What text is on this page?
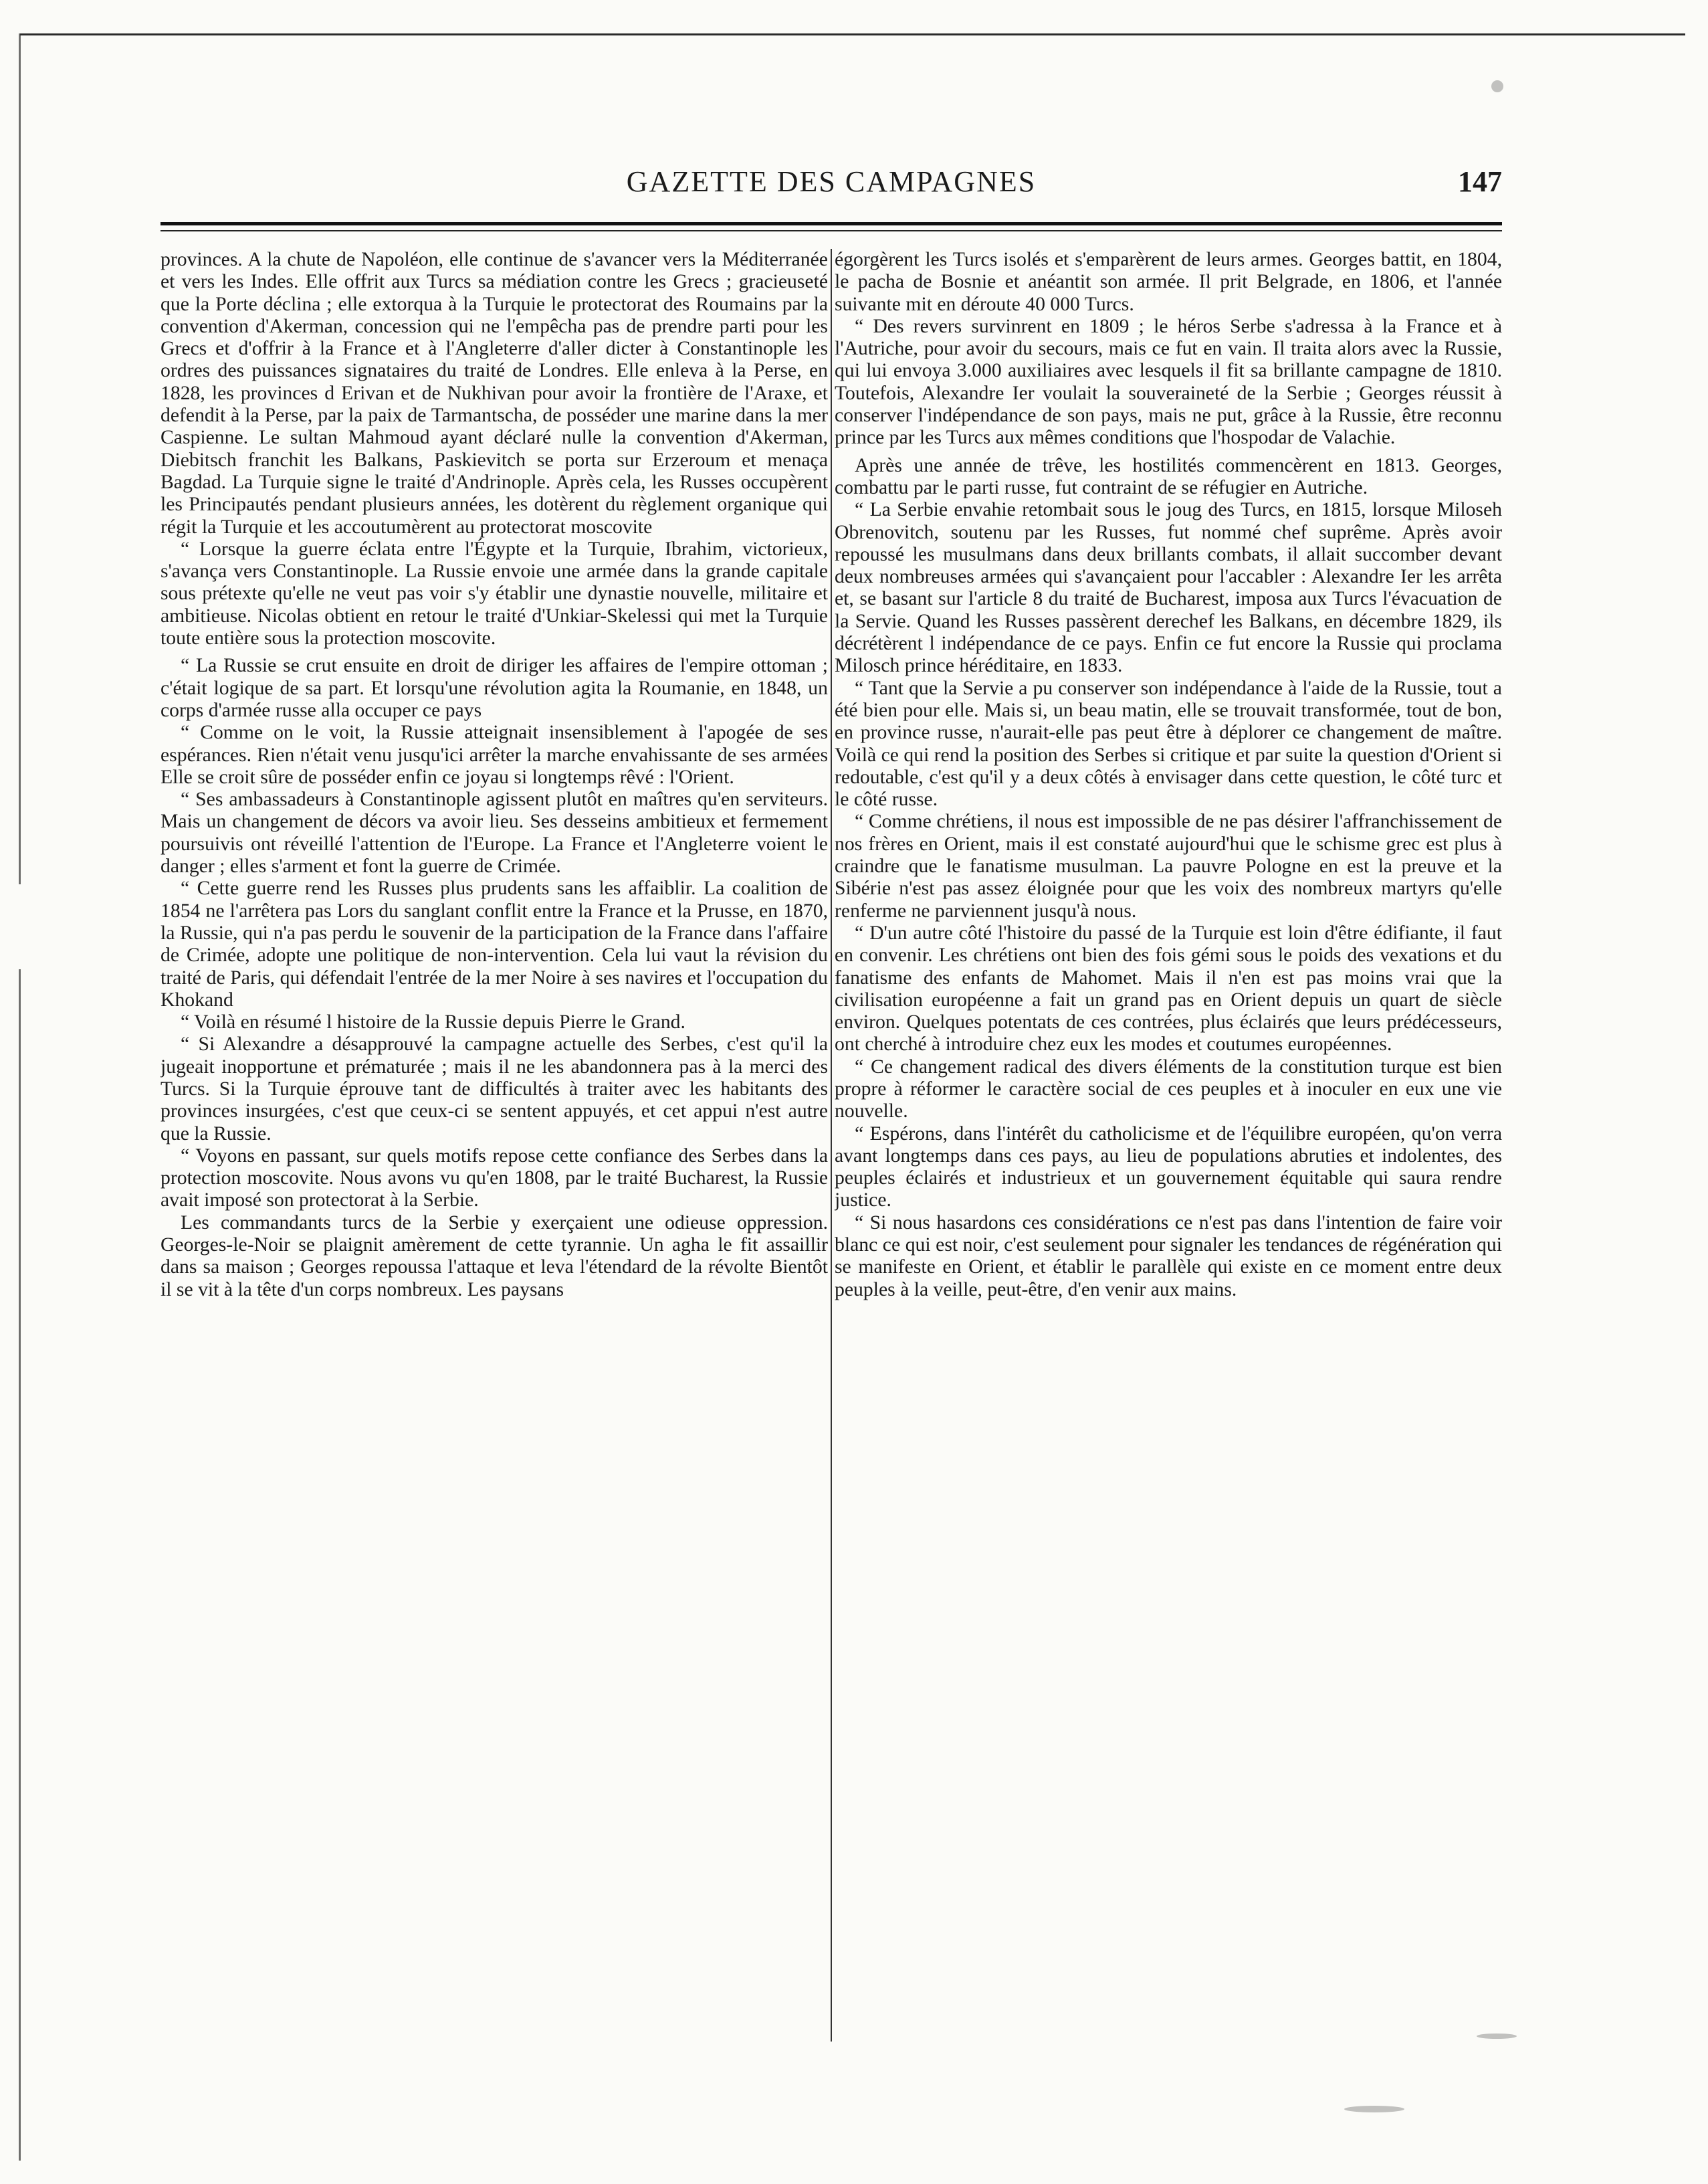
GAZETTE DES CAMPAGNES	147

provinces. A la chute de Napoléon, elle continue de s'avancer vers la Méditerranée et vers les Indes. Elle offrit aux Turcs sa médiation contre les Grecs ; gracieuseté que la Porte déclina ; elle extorqua à la Turquie le protectorat des Roumains par la convention d'Akerman, concession qui ne l'empêcha pas de prendre parti pour les Grecs et d'offrir à la France et à l'Angleterre d'aller dicter à Constantinople les ordres des puissances signataires du traité de Londres. Elle enleva à la Perse, en 1828, les provinces d Erivan et de Nukhivan pour avoir la frontière de l'Araxe, et defendit à la Perse, par la paix de Tarmantscha, de posséder une marine dans la mer Caspienne. Le sultan Mahmoud ayant déclaré nulle la convention d'Akerman, Diebitsch franchit les Balkans, Paskievitch se porta sur Erzeroum et menaça Bagdad. La Turquie signe le traité d'Andrinople. Après cela, les Russes occupèrent les Principautés pendant plusieurs années, les dotèrent du règlement organique qui régit la Turquie et les accoutumèrent au protectorat moscovite

“ Lorsque la guerre éclata entre l'Égypte et la Turquie, Ibrahim, victorieux, s'avança vers Constantinople. La Russie envoie une armée dans la grande capitale sous prétexte qu'elle ne veut pas voir s'y établir une dynastie nouvelle, militaire et ambitieuse. Nicolas obtient en retour le traité d'Unkiar-Skelessi qui met la Turquie toute entière sous la protection moscovite.

“ La Russie se crut ensuite en droit de diriger les affaires de l'empire ottoman ; c'était logique de sa part. Et lorsqu'une révolution agita la Roumanie, en 1848, un corps d'armée russe alla occuper ce pays

“ Comme on le voit, la Russie atteignait insensiblement à l'apogée de ses espérances. Rien n'était venu jusqu'ici arrêter la marche envahissante de ses armées Elle se croit sûre de posséder enfin ce joyau si longtemps rêvé : l'Orient.

“ Ses ambassadeurs à Constantinople agissent plutôt en maîtres qu'en serviteurs. Mais un changement de décors va avoir lieu. Ses desseins ambitieux et fermement poursuivis ont réveillé l'attention de l'Europe. La France et l'Angleterre voient le danger ; elles s'arment et font la guerre de Crimée.

“ Cette guerre rend les Russes plus prudents sans les affaiblir. La coalition de 1854 ne l'arrêtera pas Lors du sanglant conflit entre la France et la Prusse, en 1870, la Russie, qui n'a pas perdu le souvenir de la participation de la France dans l'affaire de Crimée, adopte une politique de non-intervention. Cela lui vaut la révision du traité de Paris, qui défendait l'entrée de la mer Noire à ses navires et l'occupation du Khokand

“ Voilà en résumé l histoire de la Russie depuis Pierre le Grand.

“ Si Alexandre a désapprouvé la campagne actuelle des Serbes, c'est qu'il la jugeait inopportune et prématurée ; mais il ne les abandonnera pas à la merci des Turcs. Si la Turquie éprouve tant de difficultés à traiter avec les habitants des provinces insurgées, c'est que ceux-ci se sentent appuyés, et cet appui n'est autre que la Russie.

“ Voyons en passant, sur quels motifs repose cette confiance des Serbes dans la protection moscovite. Nous avons vu qu'en 1808, par le traité Bucharest, la Russie avait imposé son protectorat à la Serbie.

Les commandants turcs de la Serbie y exerçaient une odieuse oppression. Georges-le-Noir se plaignit amèrement de cette tyrannie. Un agha le fit assaillir dans sa maison ; Georges repoussa l'attaque et leva l'étendard de la révolte Bientôt il se vit à la tête d'un corps nombreux. Les paysans

égorgèrent les Turcs isolés et s'emparèrent de leurs armes. Georges battit, en 1804, le pacha de Bosnie et anéantit son armée. Il prit Belgrade, en 1806, et l'année suivante mit en déroute 40 000 Turcs.

“ Des revers survinrent en 1809 ; le héros Serbe s'adressa à la France et à l'Autriche, pour avoir du secours, mais ce fut en vain. Il traita alors avec la Russie, qui lui envoya 3.000 auxiliaires avec lesquels il fit sa brillante campagne de 1810. Toutefois, Alexandre Ier voulait la souveraineté de la Serbie ; Georges réussit à conserver l'indépendance de son pays, mais ne put, grâce à la Russie, être reconnu prince par les Turcs aux mêmes conditions que l'hospodar de Valachie.

Après une année de trêve, les hostilités commencèrent en 1813. Georges, combattu par le parti russe, fut contraint de se réfugier en Autriche.

“ La Serbie envahie retombait sous le joug des Turcs, en 1815, lorsque Miloseh Obrenovitch, soutenu par les Russes, fut nommé chef suprême. Après avoir repoussé les musulmans dans deux brillants combats, il allait succomber devant deux nombreuses armées qui s'avançaient pour l'accabler : Alexandre Ier les arrêta et, se basant sur l'article 8 du traité de Bucharest, imposa aux Turcs l'évacuation de la Servie. Quand les Russes passèrent derechef les Balkans, en décembre 1829, ils décrétèrent l indépendance de ce pays. Enfin ce fut encore la Russie qui proclama Milosch prince héréditaire, en 1833.

“ Tant que la Servie a pu conserver son indépendance à l'aide de la Russie, tout a été bien pour elle. Mais si, un beau matin, elle se trouvait transformée, tout de bon, en province russe, n'aurait-elle pas peut être à déplorer ce changement de maître. Voilà ce qui rend la position des Serbes si critique et par suite la question d'Orient si redoutable, c'est qu'il y a deux côtés à envisager dans cette question, le côté turc et le côté russe.

“ Comme chrétiens, il nous est impossible de ne pas désirer l'affranchissement de nos frères en Orient, mais il est constaté aujourd'hui que le schisme grec est plus à craindre que le fanatisme musulman. La pauvre Pologne en est la preuve et la Sibérie n'est pas assez éloignée pour que les voix des nombreux martyrs qu'elle renferme ne parviennent jusqu'à nous.

“ D'un autre côté l'histoire du passé de la Turquie est loin d'être édifiante, il faut en convenir. Les chrétiens ont bien des fois gémi sous le poids des vexations et du fanatisme des enfants de Mahomet. Mais il n'en est pas moins vrai que la civilisation européenne a fait un grand pas en Orient depuis un quart de siècle environ. Quelques potentats de ces contrées, plus éclairés que leurs prédécesseurs, ont cherché à introduire chez eux les modes et coutumes européennes.

“ Ce changement radical des divers éléments de la constitution turque est bien propre à réformer le caractère social de ces peuples et à inoculer en eux une vie nouvelle.

“ Espérons, dans l'intérêt du catholicisme et de l'équilibre européen, qu'on verra avant longtemps dans ces pays, au lieu de populations abruties et indolentes, des peuples éclairés et industrieux et un gouvernement équitable qui saura rendre justice.

“ Si nous hasardons ces considérations ce n'est pas dans l'intention de faire voir blanc ce qui est noir, c'est seulement pour signaler les tendances de régénération qui se manifeste en Orient, et établir le parallèle qui existe en ce moment entre deux peuples à la veille, peut-être, d'en venir aux mains.
